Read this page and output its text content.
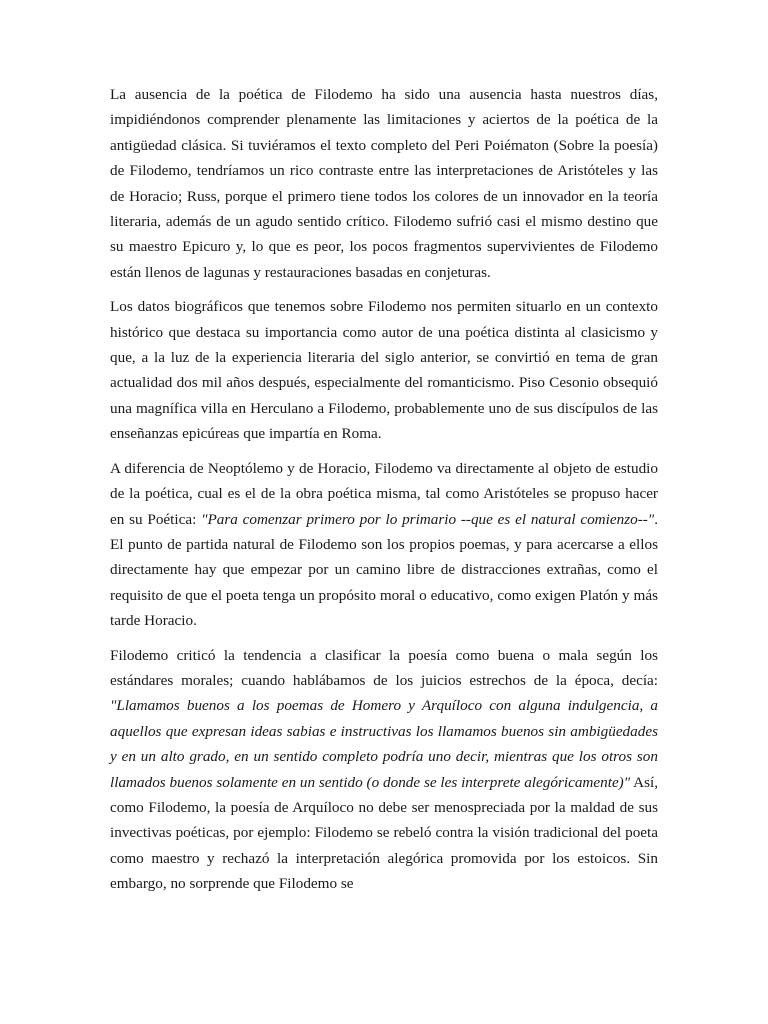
La ausencia de la poética de Filodemo ha sido una ausencia hasta nuestros días, impidiéndonos comprender plenamente las limitaciones y aciertos de la poética de la antigüedad clásica. Si tuviéramos el texto completo del Peri Poiématon (Sobre la poesía) de Filodemo, tendríamos un rico contraste entre las interpretaciones de Aristóteles y las de Horacio; Russ, porque el primero tiene todos los colores de un innovador en la teoría literaria, además de un agudo sentido crítico. Filodemo sufrió casi el mismo destino que su maestro Epicuro y, lo que es peor, los pocos fragmentos supervivientes de Filodemo están llenos de lagunas y restauraciones basadas en conjeturas.

Los datos biográficos que tenemos sobre Filodemo nos permiten situarlo en un contexto histórico que destaca su importancia como autor de una poética distinta al clasicismo y que, a la luz de la experiencia literaria del siglo anterior, se convirtió en tema de gran actualidad dos mil años después, especialmente del romanticismo. Piso Cesonio obsequió una magnífica villa en Herculano a Filodemo, probablemente uno de sus discípulos de las enseñanzas epicúreas que impartía en Roma.

A diferencia de Neoptólemo y de Horacio, Filodemo va directamente al objeto de estudio de la poética, cual es el de la obra poética misma, tal como Aristóteles se propuso hacer en su Poética: "Para comenzar primero por lo primario --que es el natural comienzo--". El punto de partida natural de Filodemo son los propios poemas, y para acercarse a ellos directamente hay que empezar por un camino libre de distracciones extrañas, como el requisito de que el poeta tenga un propósito moral o educativo, como exigen Platón y más tarde Horacio.

Filodemo criticó la tendencia a clasificar la poesía como buena o mala según los estándares morales; cuando hablábamos de los juicios estrechos de la época, decía: "Llamamos buenos a los poemas de Homero y Arquíloco con alguna indulgencia, a aquellos que expresan ideas sabias e instructivas los llamamos buenos sin ambigüedades y en un alto grado, en un sentido completo podría uno decir, mientras que los otros son llamados buenos solamente en un sentido (o donde se les interprete alegóricamente)" Así, como Filodemo, la poesía de Arquíloco no debe ser menospreciada por la maldad de sus invectivas poéticas, por ejemplo: Filodemo se rebeló contra la visión tradicional del poeta como maestro y rechazó la interpretación alegórica promovida por los estoicos. Sin embargo, no sorprende que Filodemo se
